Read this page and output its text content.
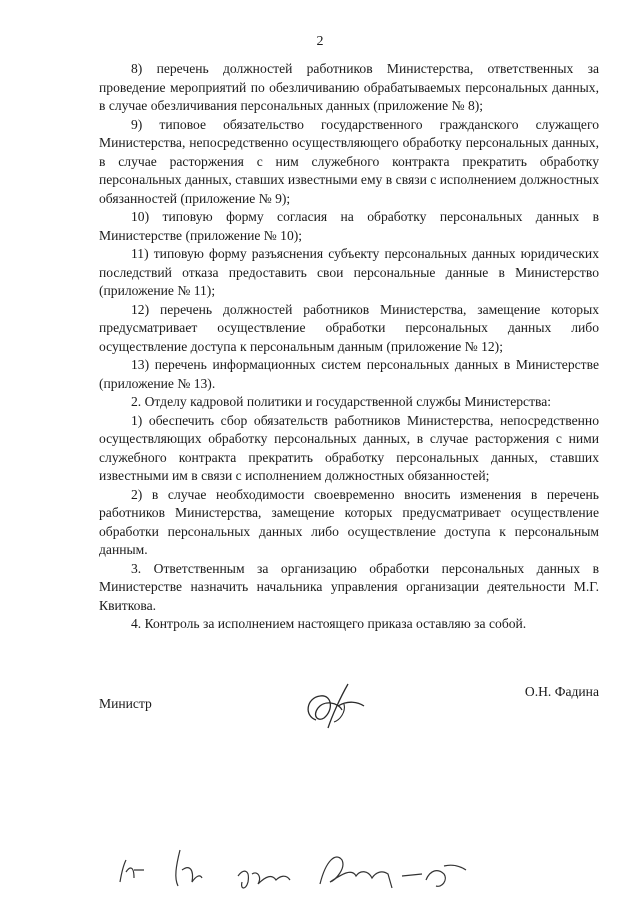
2

8) перечень должностей работников Министерства, ответственных за проведение мероприятий по обезличиванию обрабатываемых персональных данных, в случае обезличивания персональных данных (приложение № 8);

9) типовое обязательство государственного гражданского служащего Министерства, непосредственно осуществляющего обработку персональных данных, в случае расторжения с ним служебного контракта прекратить обработку персональных данных, ставших известными ему в связи с исполнением должностных обязанностей (приложение № 9);

10) типовую форму согласия на обработку персональных данных в Министерстве (приложение № 10);

11) типовую форму разъяснения субъекту персональных данных юридических последствий отказа предоставить свои персональные данные в Министерство (приложение № 11);

12) перечень должностей работников Министерства, замещение которых предусматривает осуществление обработки персональных данных либо осуществление доступа к персональным данным (приложение № 12);

13) перечень информационных систем персональных данных в Министерстве (приложение № 13).

2. Отделу кадровой политики и государственной службы Министерства:

1) обеспечить сбор обязательств работников Министерства, непосредственно осуществляющих обработку персональных данных, в случае расторжения с ними служебного контракта прекратить обработку персональных данных, ставших известными им в связи с исполнением должностных обязанностей;

2) в случае необходимости своевременно вносить изменения в перечень работников Министерства, замещение которых предусматривает осуществление обработки персональных данных либо осуществление доступа к персональным данным.

3. Ответственным за организацию обработки персональных данных в Министерстве назначить начальника управления организации деятельности М.Г. Квиткова.

4. Контроль за исполнением настоящего приказа оставляю за собой.

Министр
О.Н. Фадина
